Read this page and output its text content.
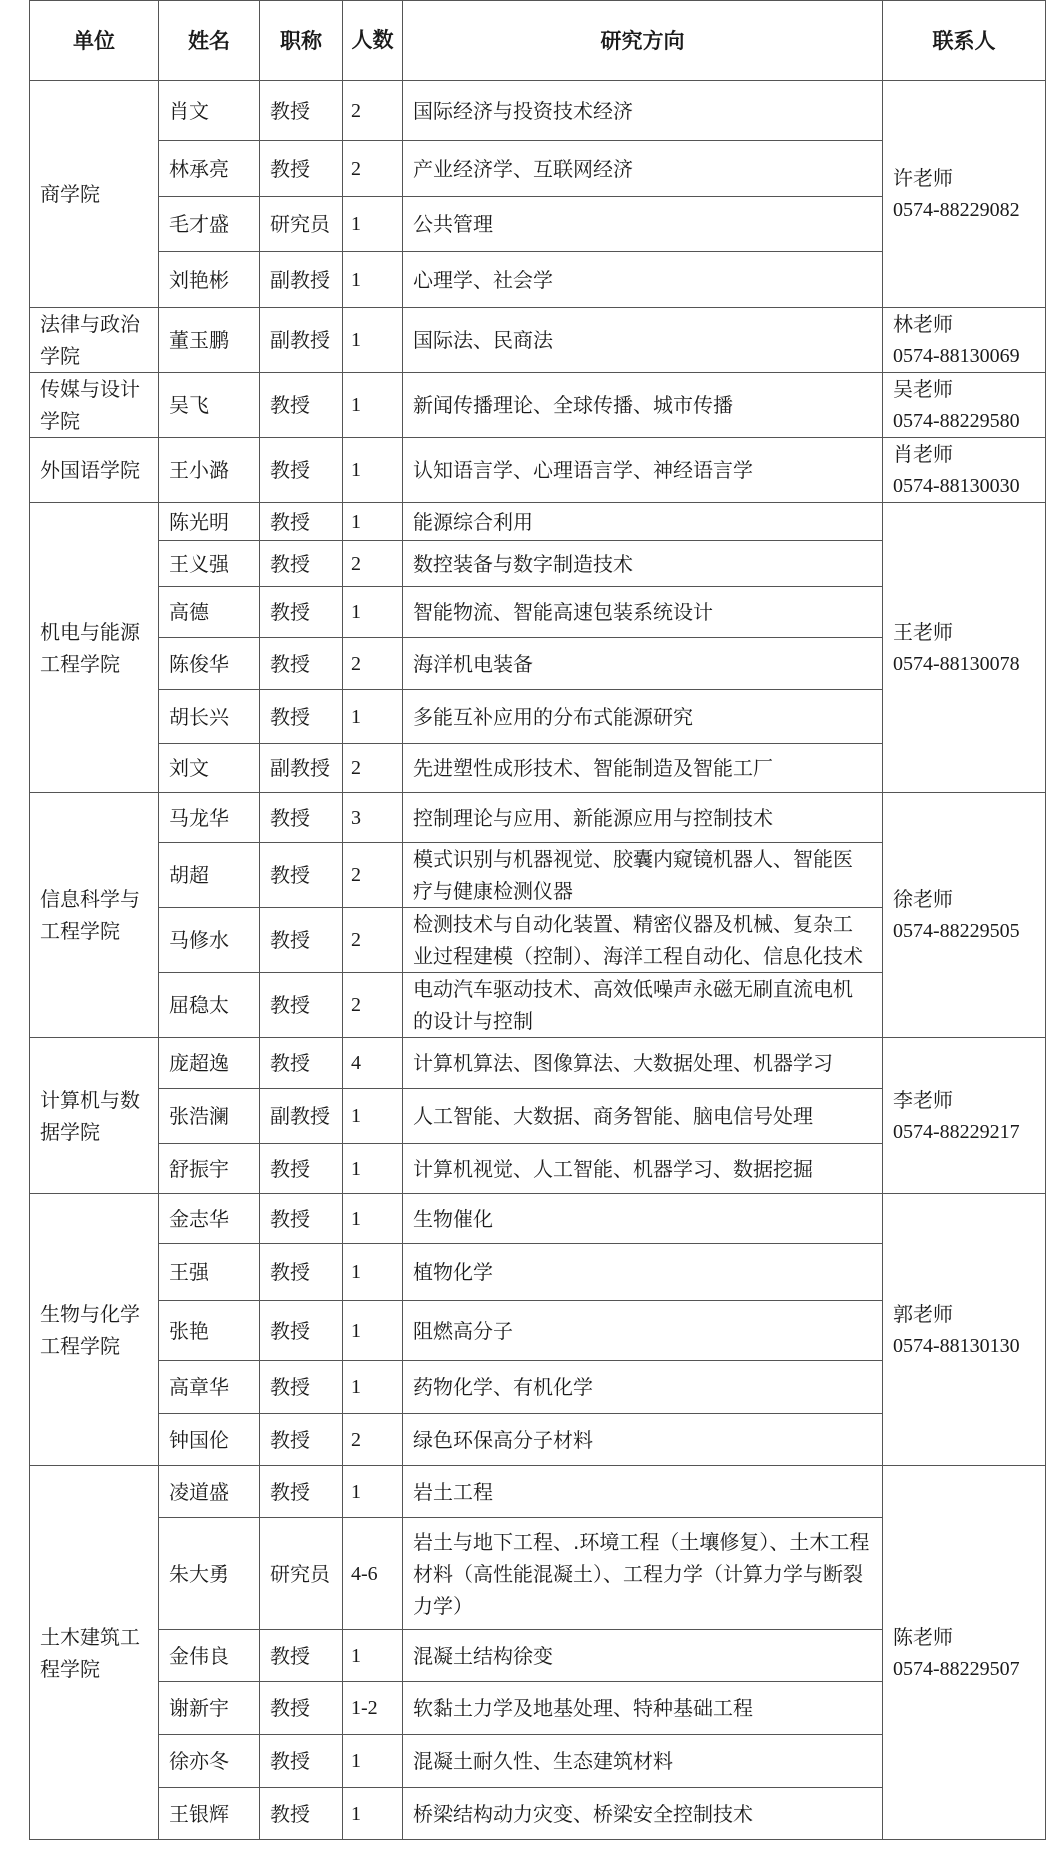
单位	姓名	职称	人数	研究方向	联系人
商学院	肖文	教授	2	国际经济与投资技术经济	许老师
0574-88229082

	林承亮	教授	2	产业经济学、互联网经济	
	毛才盛	研究员	1	公共管理	
	刘艳彬	副教授	1	心理学、社会学	
法律与政治学院	董玉鹏	副教授	1	国际法、民商法	林老师
0574-88130069

传媒与设计学院	吴飞	教授	1	新闻传播理论、全球传播、城市传播	吴老师
0574-88229580

外国语学院	王小潞	教授	1	认知语言学、心理语言学、神经语言学	肖老师
0574-88130030

机电与能源工程学院	陈光明	教授	1	能源综合利用	王老师
0574-88130078

	王义强	教授	2	数控装备与数字制造技术	
	高德	教授	1	智能物流、智能高速包装系统设计	
	陈俊华	教授	2	海洋机电装备	
	胡长兴	教授	1	多能互补应用的分布式能源研究	
	刘文	副教授	2	先进塑性成形技术、智能制造及智能工厂	
信息科学与工程学院	马龙华	教授	3	控制理论与应用、新能源应用与控制技术	徐老师
0574-88229505

	胡超	教授	2	模式识别与机器视觉、胶囊内窥镜机器人、智能医疗与健康检测仪器	
	马修水	教授	2	检测技术与自动化装置、精密仪器及机械、复杂工业过程建模（控制）、海洋工程自动化、信息化技术	
	屈稳太	教授	2	电动汽车驱动技术、高效低噪声永磁无刷直流电机的设计与控制	
计算机与数据学院	庞超逸	教授	4	计算机算法、图像算法、大数据处理、机器学习	李老师
0574-88229217

	张浩澜	副教授	1	人工智能、大数据、商务智能、脑电信号处理	
	舒振宇	教授	1	计算机视觉、人工智能、机器学习、数据挖掘	
生物与化学工程学院	金志华	教授	1	生物催化	郭老师
0574-88130130

	王强	教授	1	植物化学	
	张艳	教授	1	阻燃高分子	
	高章华	教授	1	药物化学、有机化学	
	钟国伦	教授	2	绿色环保高分子材料	
土木建筑工程学院	凌道盛	教授	1	岩土工程	陈老师
0574-88229507

	朱大勇	研究员	4-6	岩土与地下工程、.环境工程（土壤修复）、土木工程材料（高性能混凝土）、工程力学（计算力学与断裂力学）	
	金伟良	教授	1	混凝土结构徐变	
	谢新宇	教授	1-2	软黏土力学及地基处理、特种基础工程	
	徐亦冬	教授	1	混凝土耐久性、生态建筑材料	
	王银辉	教授	1	桥梁结构动力灾变、桥梁安全控制技术	
